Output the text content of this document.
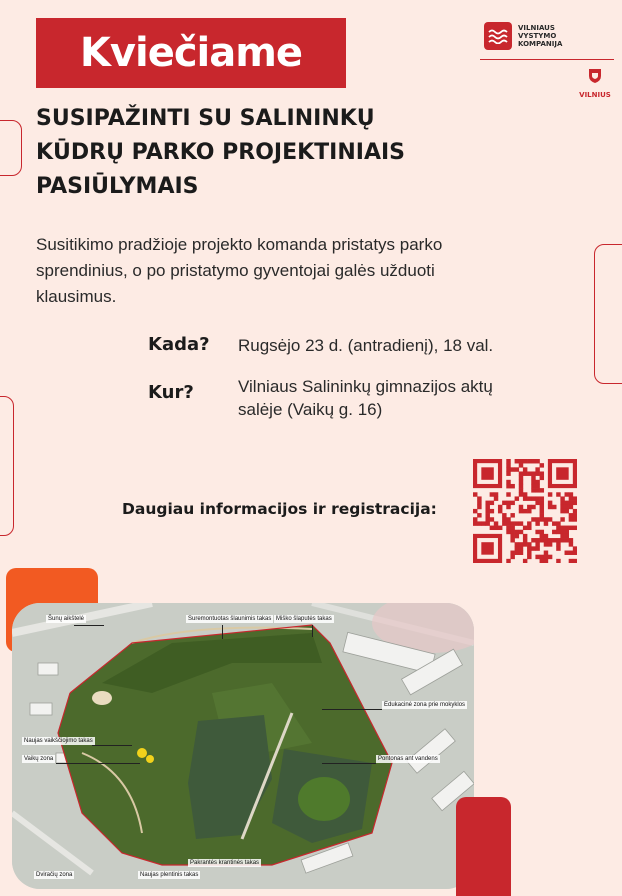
Kviečiame
VILNIAUS
VYSTYMO
KOMPANIJA
VILNIUS
SUSIPAŽINTI SU SALININKŲ
KŪDRŲ PARKO PROJEKTINIAIS
PASIŪLYMAIS

Susitikimo pradžioje projekto komanda pristatys parko
sprendinius, o po pristatymo gyventojai galės užduoti
klausimus.

Kada? Rugsėjo 23 d. (antradienį), 18 val.
Kur?	Vilniaus Salininkų gimnazijos aktų
salėje (Vaikų g. 16)
Daugiau informacijos ir registracija:
Šunų aikštelė	Suremontuotas šlaunimis takas Miško šlaputės takas
Edukacinė zona prie mokyklos
Naujas vaikščiojimo takas
Vaikų zona	Pontonas ant vandens
Dviračių zona	Naujas plentinis takas
Pakrantės krantinės takas
